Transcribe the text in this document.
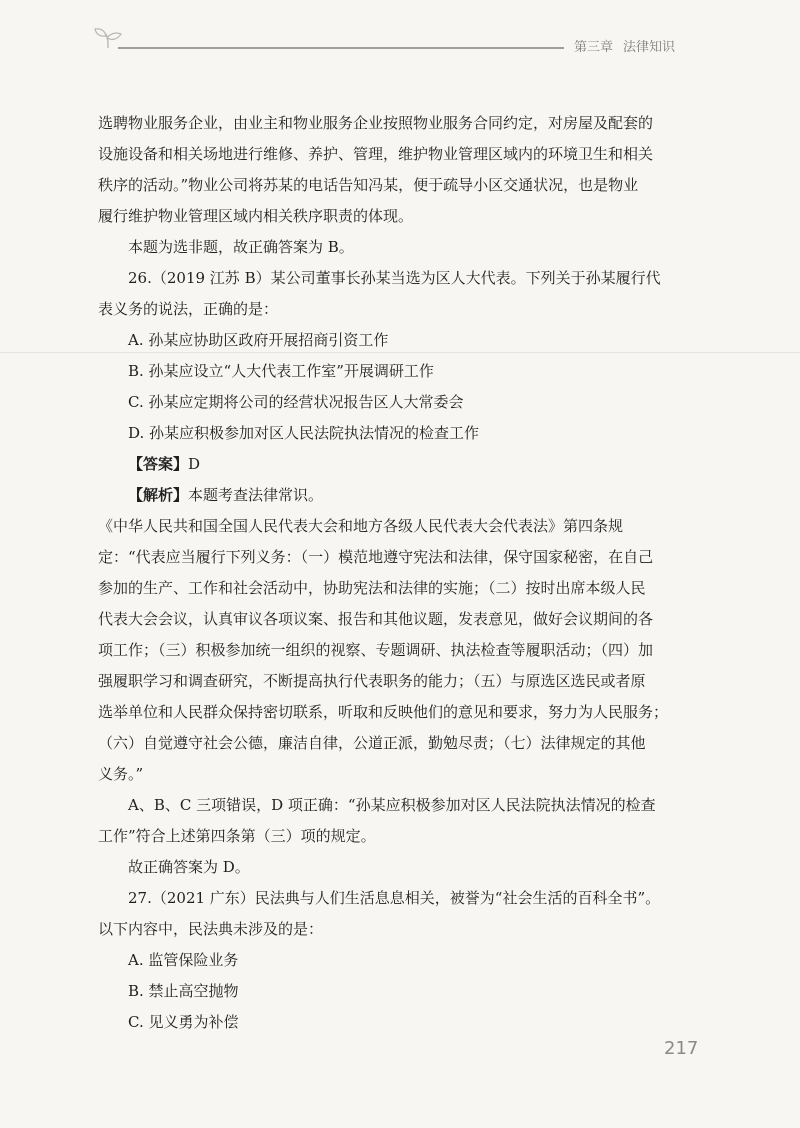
第三章 法律知识

选聘物业服务企业，由业主和物业服务企业按照物业服务合同约定，对房屋及配套的

设施设备和相关场地进行维修、养护、管理，维护物业管理区域内的环境卫生和相关

秩序的活动。”物业公司将苏某的电话告知冯某，便于疏导小区交通状况，也是物业

履行维护物业管理区域内相关秩序职责的体现。

本题为选非题，故正确答案为 B。

26.（2019 江苏 B）某公司董事长孙某当选为区人大代表。下列关于孙某履行代

表义务的说法，正确的是：

A. 孙某应协助区政府开展招商引资工作

B. 孙某应设立“人大代表工作室”开展调研工作

C. 孙某应定期将公司的经营状况报告区人大常委会

D. 孙某应积极参加对区人民法院执法情况的检查工作

【答案】D

【解析】本题考查法律常识。

《中华人民共和国全国人民代表大会和地方各级人民代表大会代表法》第四条规

定：“代表应当履行下列义务：（一）模范地遵守宪法和法律，保守国家秘密，在自己

参加的生产、工作和社会活动中，协助宪法和法律的实施；（二）按时出席本级人民

代表大会会议，认真审议各项议案、报告和其他议题，发表意见，做好会议期间的各

项工作；（三）积极参加统一组织的视察、专题调研、执法检查等履职活动；（四）加

强履职学习和调查研究，不断提高执行代表职务的能力；（五）与原选区选民或者原

选举单位和人民群众保持密切联系，听取和反映他们的意见和要求，努力为人民服务；

（六）自觉遵守社会公德，廉洁自律，公道正派，勤勉尽责；（七）法律规定的其他

义务。”

A、B、C 三项错误，D 项正确：“孙某应积极参加对区人民法院执法情况的检查

工作”符合上述第四条第（三）项的规定。

故正确答案为 D。

27.（2021 广东）民法典与人们生活息息相关，被誉为“社会生活的百科全书”。

以下内容中，民法典未涉及的是：

A. 监管保险业务

B. 禁止高空抛物

C. 见义勇为补偿

217
